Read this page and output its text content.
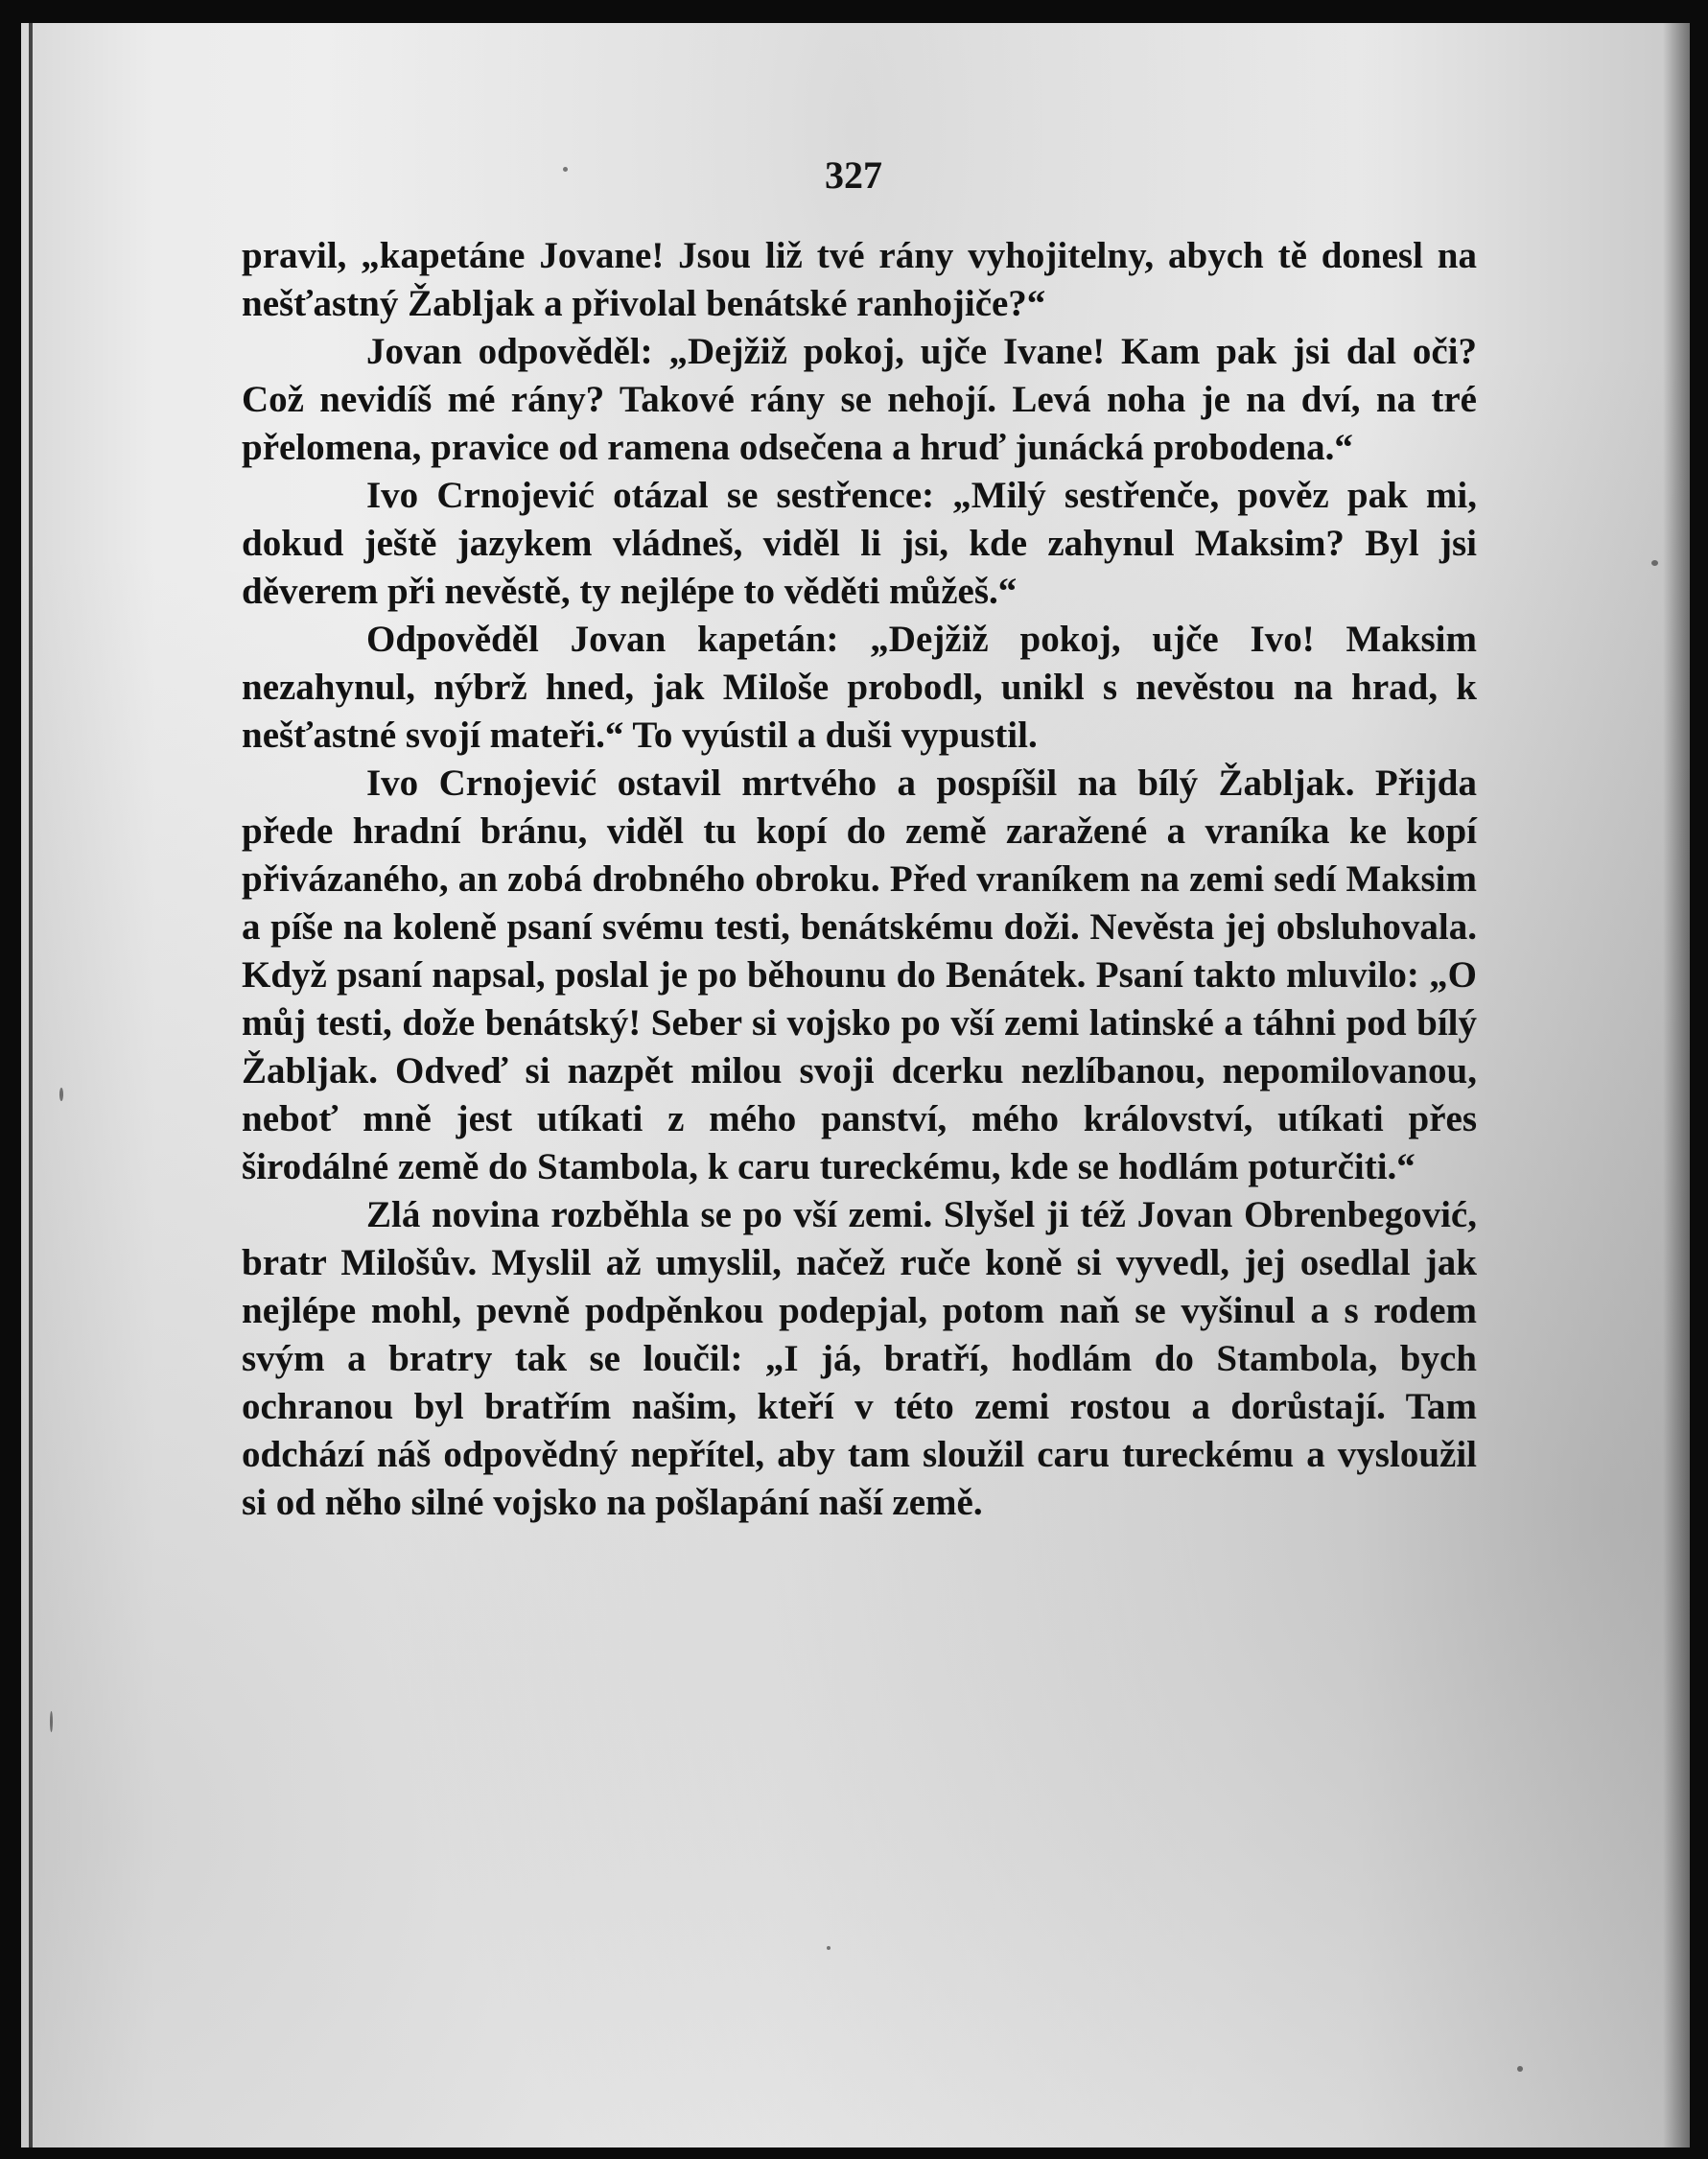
327

pravil, „kapetáne Jovane! Jsou liž tvé rány vyhojitelny, abych tě donesl na nešťastný Žabljak a přivolal benátské ranhojiče?“

Jovan odpověděl: „Dejžiž pokoj, ujče Ivane! Kam pak jsi dal oči? Což nevidíš mé rány? Takové rány se nehojí. Levá noha je na dví, na tré přelomena, pravice od ramena odsečena a hruď junácká probodena.“

Ivo Crnojević otázal se sestřence: „Milý sestřenče, pověz pak mi, dokud ještě jazykem vládneš, viděl li jsi, kde zahynul Maksim? Byl jsi děverem při nevěstě, ty nejlépe to věděti můžeš.“

Odpověděl Jovan kapetán: „Dejžiž pokoj, ujče Ivo! Maksim nezahynul, nýbrž hned, jak Miloše probodl, unikl s nevěstou na hrad, k nešťastné svojí mateři.“ To vyústil a duši vypustil.

Ivo Crnojević ostavil mrtvého a pospíšil na bílý Žabljak. Přijda přede hradní bránu, viděl tu kopí do země zaražené a vraníka ke kopí přivázaného, an zobá drobného obroku. Před vraníkem na zemi sedí Maksim a píše na koleně psaní svému testi, benátskému doži. Nevěsta jej obsluhovala. Když psaní napsal, poslal je po běhounu do Benátek. Psaní takto mluvilo: „O můj testi, dože benátský! Seber si vojsko po vší zemi latinské a táhni pod bílý Žabljak. Odveď si nazpět milou svoji dcerku nezlíbanou, nepomilovanou, neboť mně jest utíkati z mého panství, mého království, utíkati přes širodálné země do Stambola, k caru tureckému, kde se hodlám poturčiti.“

Zlá novina rozběhla se po vší zemi. Slyšel ji též Jovan Obrenbegović, bratr Milošův. Myslil až umyslil, načež ruče koně si vyvedl, jej osedlal jak nejlépe mohl, pevně podpěnkou podepjal, potom naň se vyšinul a s rodem svým a bratry tak se loučil: „I já, bratří, hodlám do Stambola, bych ochranou byl bratřím našim, kteří v této zemi rostou a dorůstají. Tam odchází náš odpovědný nepřítel, aby tam sloužil caru tureckému a vysloužil si od něho silné vojsko na pošlapání naší země.
